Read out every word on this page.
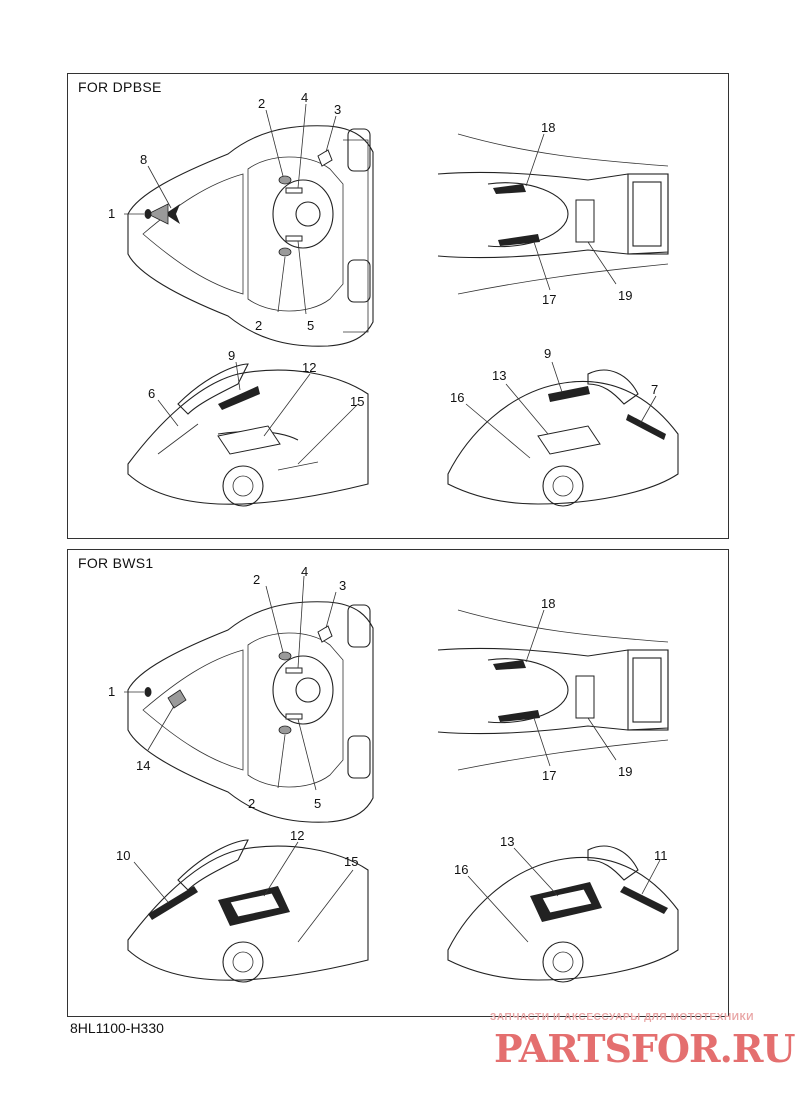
FOR DPBSE
1
2
2
3
4
5
8
18
17	19
6
9
12
15	16
13
9
7
FOR BWS1
1
2
2
3
4
5
14
18
17	19
10
12
15
16
13
11
8HL1100-H330
ЗАПЧАСТИ И АКСЕССУАРЫ ДЛЯ МОТОТЕХНИКИ
PARTSFOR.RU
